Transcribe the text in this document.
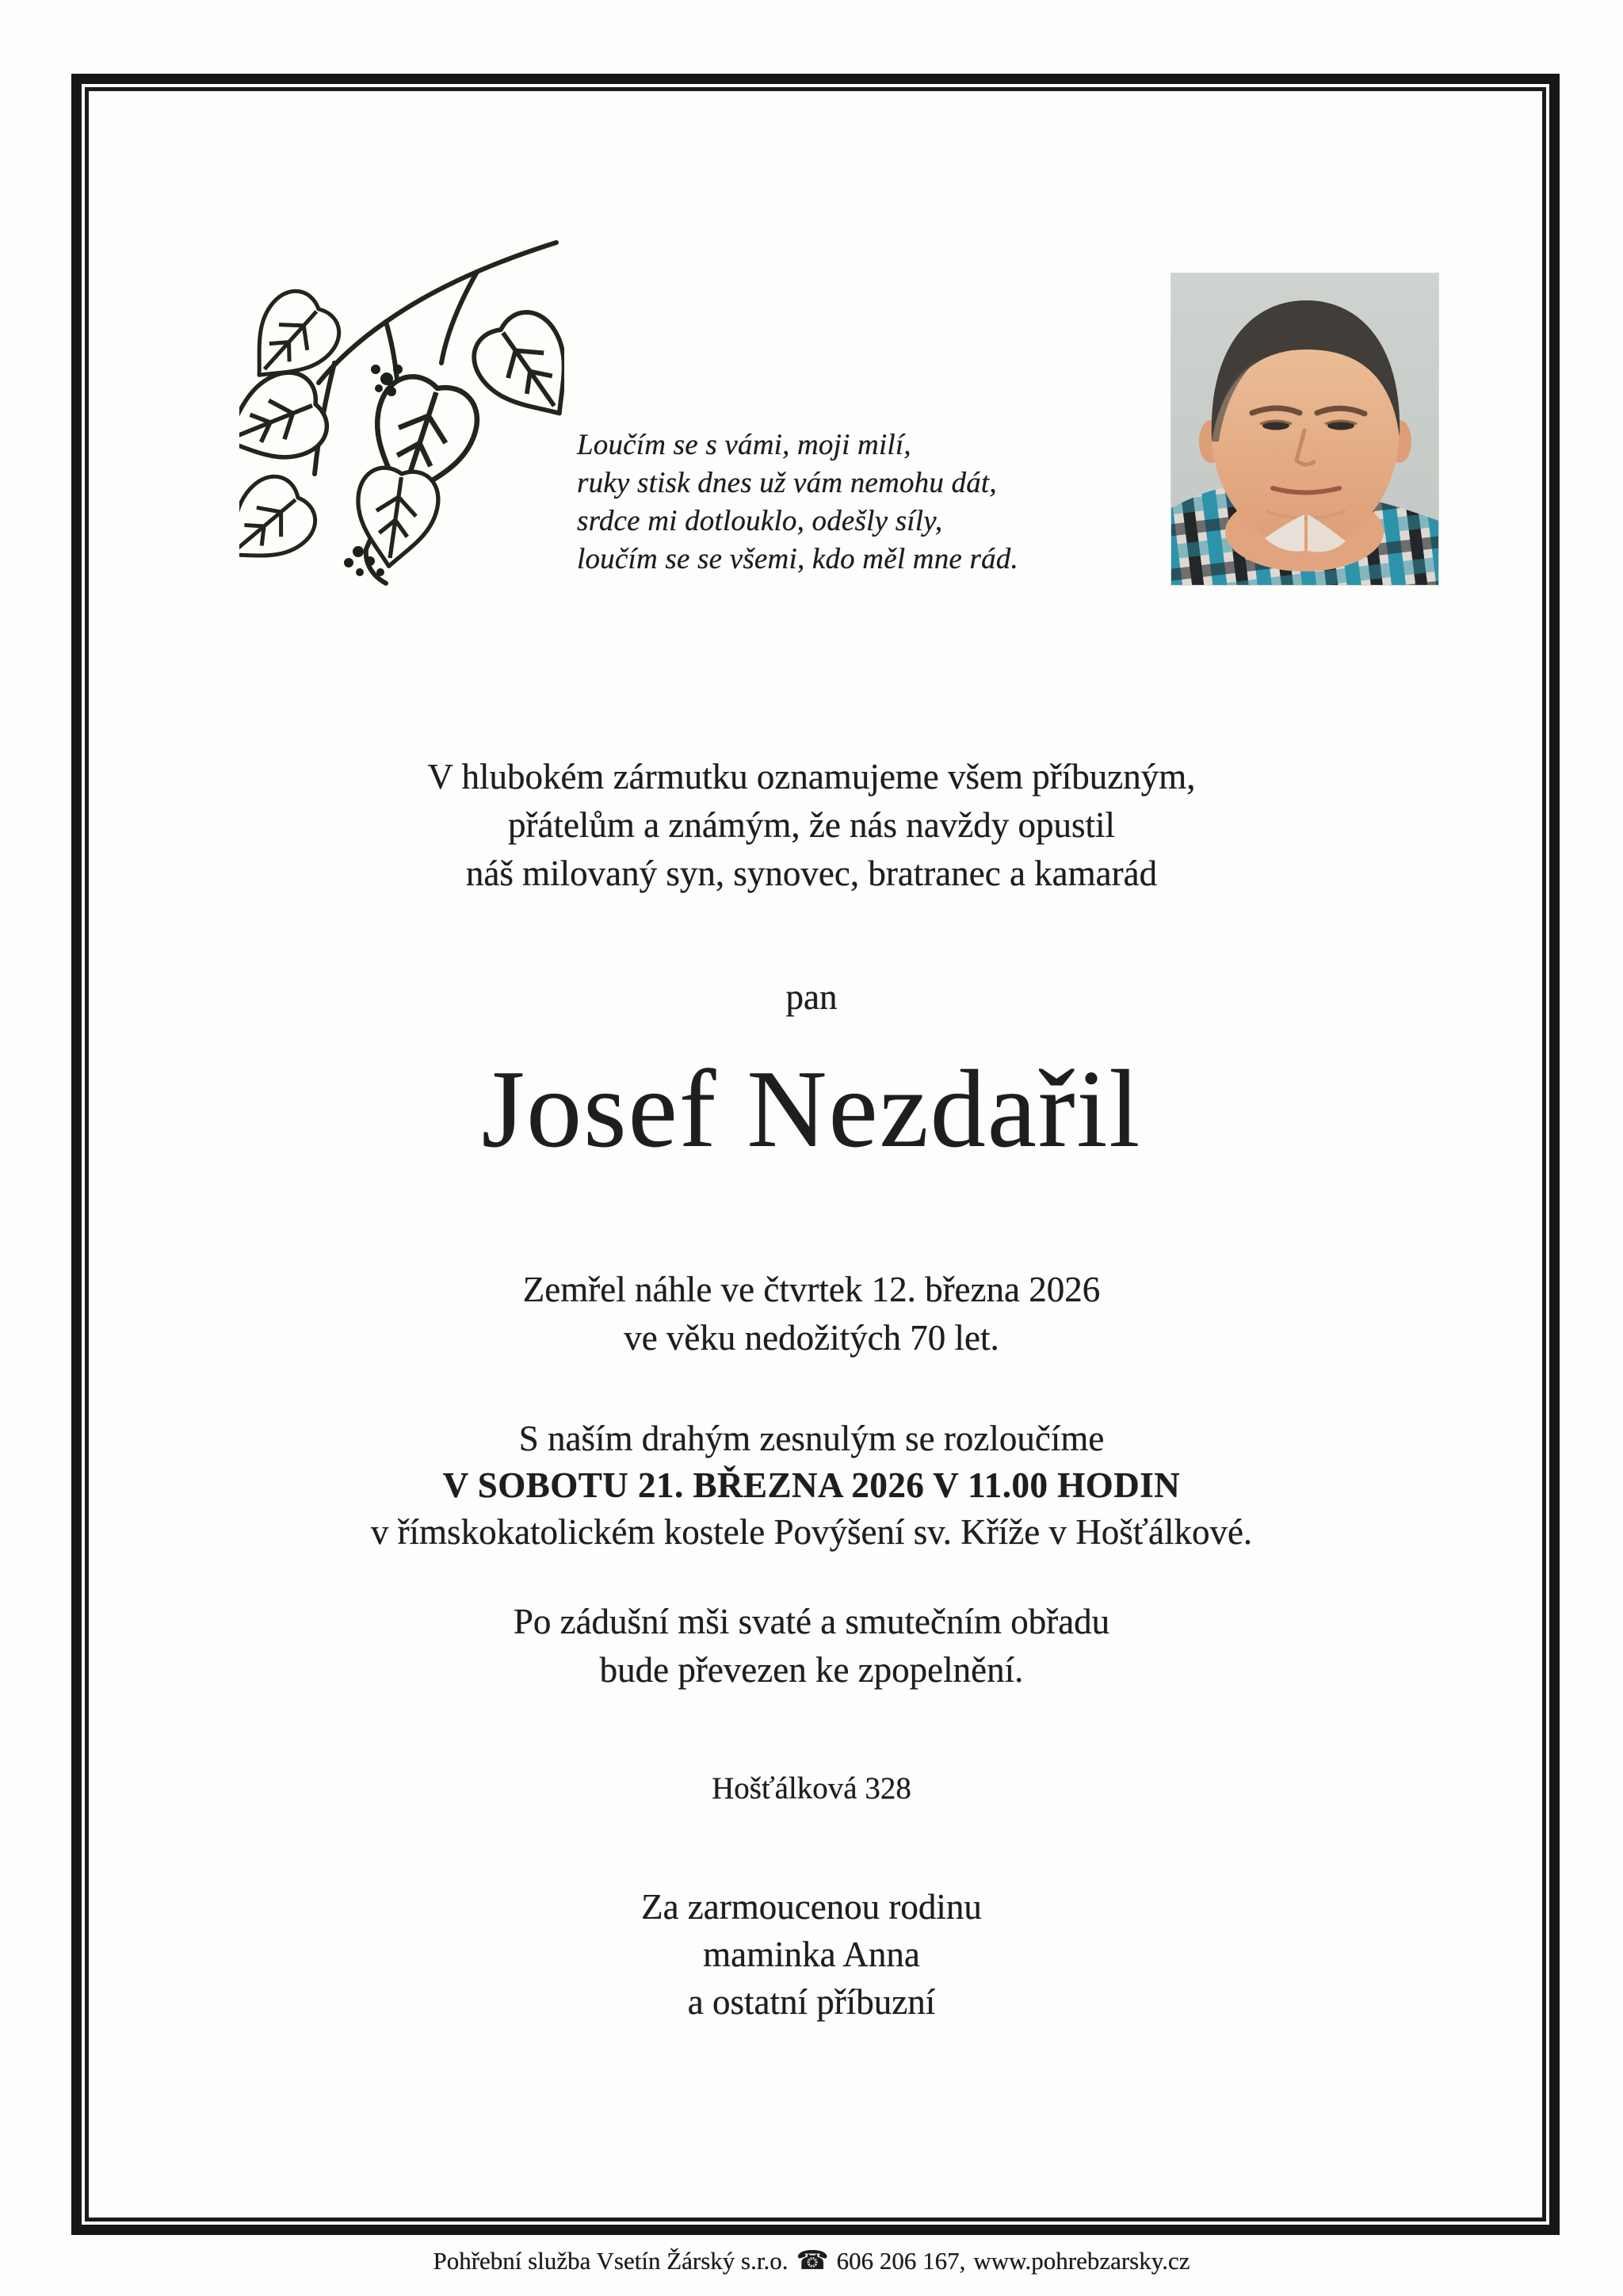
Loučím se s vámi, moji milí,
ruky stisk dnes už vám nemohu dát,
srdce mi dotlouklo, odešly síly,
loučím se se všemi, kdo měl mne rád.
V hlubokém zármutku oznamujeme všem příbuzným,
přátelům a známým, že nás navždy opustil
náš milovaný syn, synovec, bratranec a kamarád
pan
Josef Nezdařil
Zemřel náhle ve čtvrtek 12. března 2026
ve věku nedožitých 70 let.
S naším drahým zesnulým se rozloučíme
V SOBOTU 21. BŘEZNA 2026 V 11.00 HODIN
v římskokatolickém kostele Povýšení sv. Kříže v Hošťálkové.
Po zádušní mši svaté a smutečním obřadu
bude převezen ke zpopelnění.
Hošťálková 328
Za zarmoucenou rodinu
maminka Anna
a ostatní příbuzní
Pohřební služba Vsetín Žárský s.r.o. ☎ 606 206 167, www.pohrebzarsky.cz
